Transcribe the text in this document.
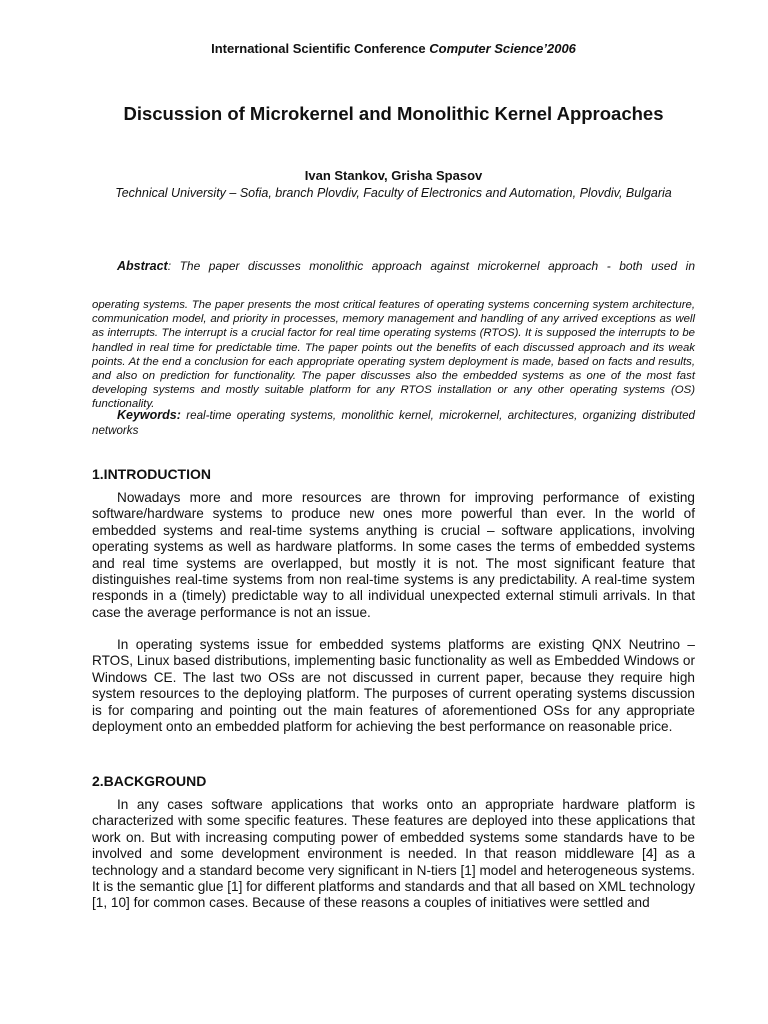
International Scientific Conference Computer Science’2006
Discussion of Microkernel and Monolithic Kernel Approaches
Ivan Stankov, Grisha Spasov
Technical University – Sofia, branch Plovdiv, Faculty of Electronics and Automation, Plovdiv, Bulgaria
Abstract: The paper discusses monolithic approach against microkernel approach - both used in
operating systems. The paper presents the most critical features of operating systems concerning system architecture, communication model, and priority in processes, memory management and handling of any arrived exceptions as well as interrupts. The interrupt is a crucial factor for real time operating systems (RTOS). It is supposed the interrupts to be handled in real time for predictable time. The paper points out the benefits of each discussed approach and its weak points. At the end a conclusion for each appropriate operating system deployment is made, based on facts and results, and also on prediction for functionality. The paper discusses also the embedded systems as one of the most fast developing systems and mostly suitable platform for any RTOS installation or any other operating systems (OS) functionality.
Keywords: real-time operating systems, monolithic kernel, microkernel, architectures, organizing distributed networks
1.INTRODUCTION
Nowadays more and more resources are thrown for improving performance of existing software/hardware systems to produce new ones more powerful than ever. In the world of embedded systems and real-time systems anything is crucial – software applications, involving operating systems as well as hardware platforms. In some cases the terms of embedded systems and real time systems are overlapped, but mostly it is not. The most significant feature that distinguishes real-time systems from non real-time systems is any predictability. A real-time system responds in a (timely) predictable way to all individual unexpected external stimuli arrivals. In that case the average performance is not an issue.
In operating systems issue for embedded systems platforms are existing QNX Neutrino – RTOS, Linux based distributions, implementing basic functionality as well as Embedded Windows or Windows CE. The last two OSs are not discussed in current paper, because they require high system resources to the deploying platform. The purposes of current operating systems discussion is for comparing and pointing out the main features of aforementioned OSs for any appropriate deployment onto an embedded platform for achieving the best performance on reasonable price.
2.BACKGROUND
In any cases software applications that works onto an appropriate hardware platform is characterized with some specific features. These features are deployed into these applications that work on. But with increasing computing power of embedded systems some standards have to be involved and some development environment is needed. In that reason middleware [4] as a technology and a standard become very significant in N-tiers [1] model and heterogeneous systems. It is the semantic glue [1] for different platforms and standards and that all based on XML technology [1, 10] for common cases. Because of these reasons a couples of initiatives were settled and
